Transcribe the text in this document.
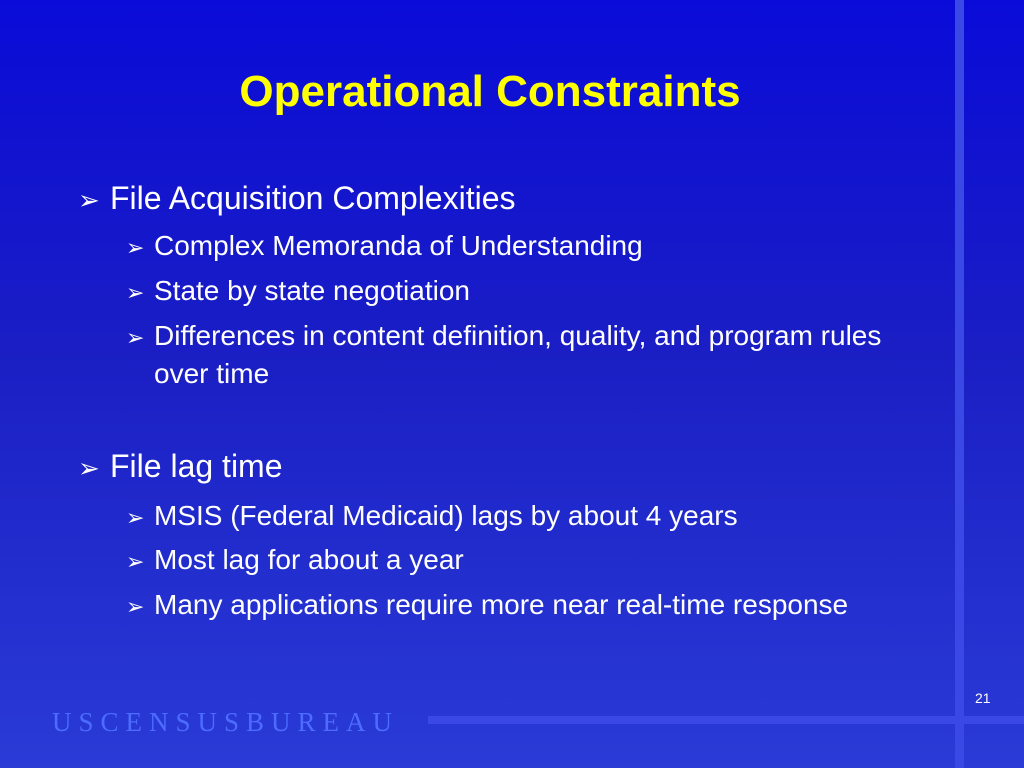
Operational Constraints
➢ File Acquisition Complexities
➢ Complex Memoranda of Understanding
➢ State by state negotiation
➢ Differences in content definition, quality, and program rules over time
➢ File lag time
➢ MSIS (Federal Medicaid) lags by about 4 years
➢ Most lag for about a year
➢ Many applications require more near real-time response
USCENSUSBUREAU
21
